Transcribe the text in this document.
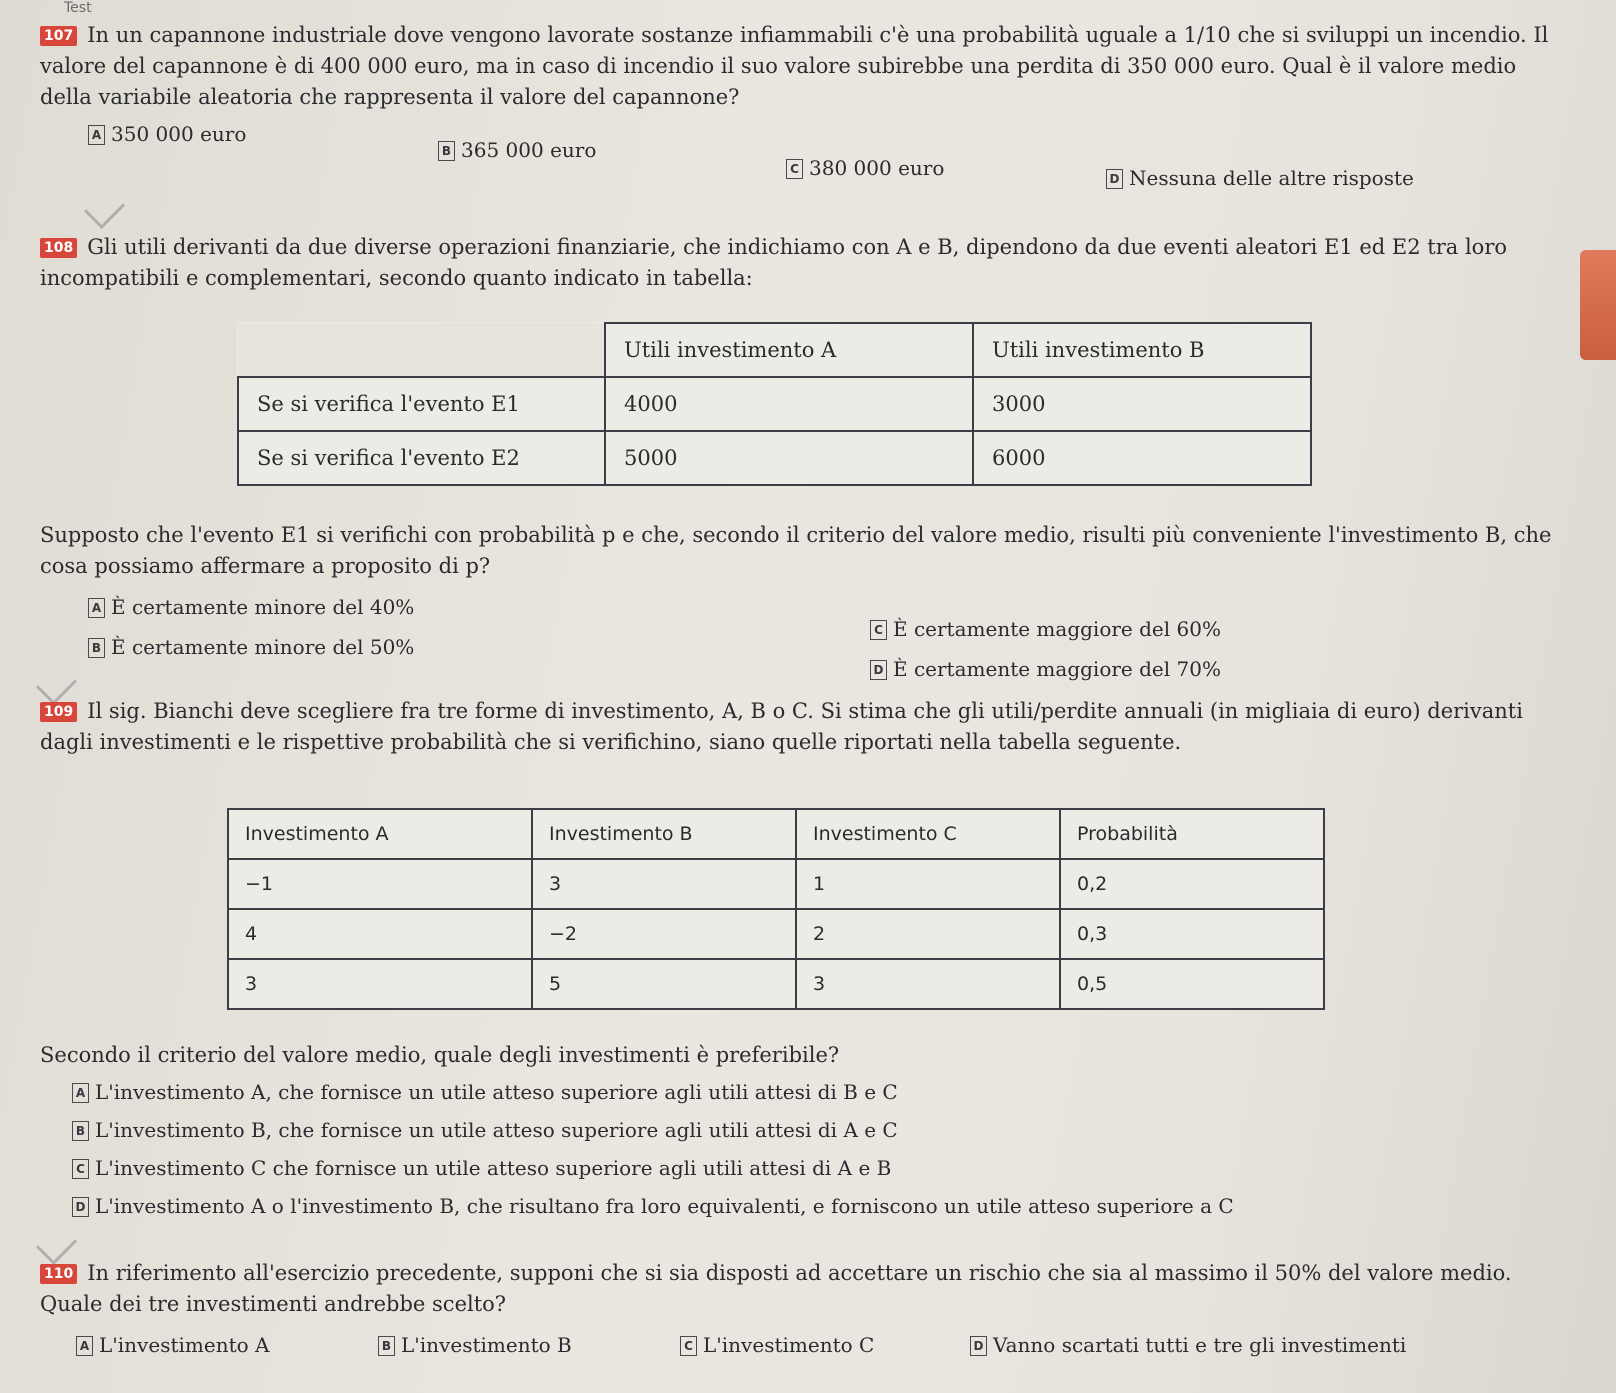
Test

107 In un capannone industriale dove vengono lavorate sostanze infiammabili c'è una probabilità uguale a 1/10 che si sviluppi un incendio. Il valore del capannone è di 400 000 euro, ma in caso di incendio il suo valore subirebbe una perdita di 350 000 euro. Qual è il valore medio della variabile aleatoria che rappresenta il valore del capannone?

A 350 000 euro
B 365 000 euro
C 380 000 euro	D Nessuna delle altre risposte

108 Gli utili derivanti da due diverse operazioni finanziarie, che indichiamo con A e B, dipendono da due eventi aleatori E1 ed E2 tra loro incompatibili e complementari, secondo quanto indicato in tabella:

	Utili investimento A	Utili investimento B
Se si verifica l'evento E1	4000	3000
Se si verifica l'evento E2	5000	6000

Supposto che l'evento E1 si verifichi con probabilità p e che, secondo il criterio del valore medio, risulti più conveniente l'investimento B, che cosa possiamo affermare a proposito di p?

A È certamente minore del 40%
B È certamente minore del 50%
C È certamente maggiore del 60%
D È certamente maggiore del 70%

109 Il sig. Bianchi deve scegliere fra tre forme di investimento, A, B o C. Si stima che gli utili/perdite annuali (in migliaia di euro) derivanti dagli investimenti e le rispettive probabilità che si verifichino, siano quelle riportati nella tabella seguente.

Investimento A	Investimento B	Investimento C	Probabilità
−1	3	1	0,2
4	−2	2	0,3
3	5	3	0,5

Secondo il criterio del valore medio, quale degli investimenti è preferibile?

A L'investimento A, che fornisce un utile atteso superiore agli utili attesi di B e C
B L'investimento B, che fornisce un utile atteso superiore agli utili attesi di A e C
C L'investimento C che fornisce un utile atteso superiore agli utili attesi di A e B
D L'investimento A o l'investimento B, che risultano fra loro equivalenti, e forniscono un utile atteso superiore a C

110 In riferimento all'esercizio precedente, supponi che si sia disposti ad accettare un rischio che sia al massimo il 50% del valore medio. Quale dei tre investimenti andrebbe scelto?

A L'investimento A	B L'investimento B	C L'investimento C	D Vanno scartati tutti e tre gli investimenti
